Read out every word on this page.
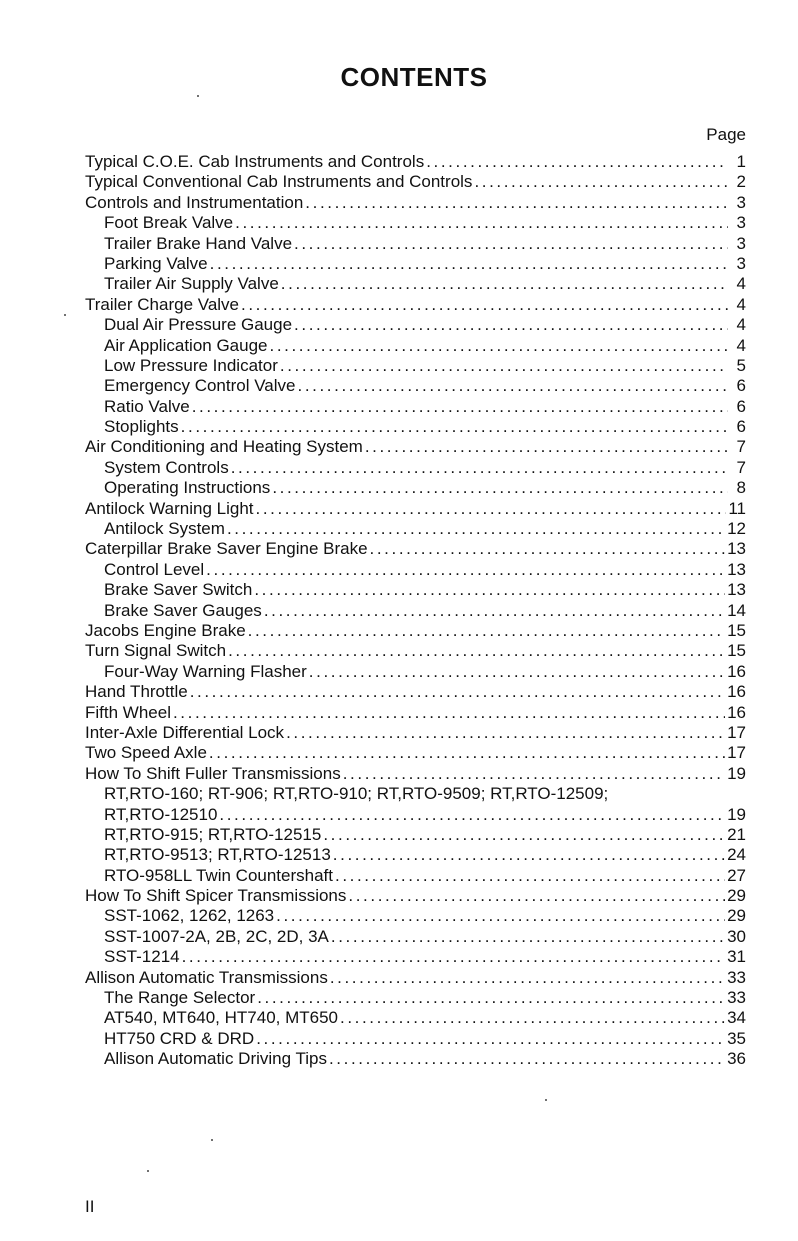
CONTENTS
Page
Typical C.O.E. Cab Instruments and Controls .....	1
Typical Conventional Cab Instruments and Controls .....	2
Controls and Instrumentation .....	3
Foot Break Valve .....	3
Trailer Brake Hand Valve .....	3
Parking Valve .....	3
Trailer Air Supply Valve .....	4
Trailer Charge Valve .....	4
Dual Air Pressure Gauge .....	4
Air Application Gauge .....	4
Low Pressure Indicator .....	5
Emergency Control Valve .....	6
Ratio Valve .....	6
Stoplights .....	6
Air Conditioning and Heating System .....	7
System Controls .....	7
Operating Instructions .....	8
Antilock Warning Light .....	11
Antilock System .....	12
Caterpillar Brake Saver Engine Brake .....	13
Control Level .....	13
Brake Saver Switch .....	13
Brake Saver Gauges .....	14
Jacobs Engine Brake .....	15
Turn Signal Switch .....	15
Four-Way Warning Flasher .....	16
Hand Throttle .....	16
Fifth Wheel .....	16
Inter-Axle Differential Lock .....	17
Two Speed Axle .....	17
How To Shift Fuller Transmissions .....	19
RT,RTO-160; RT-906; RT,RTO-910; RT,RTO-9509; RT,RTO-12509;
RT,RTO-12510 .....	19
RT,RTO-915; RT,RTO-12515 .....	21
RT,RTO-9513; RT,RTO-12513 .....	24
RTO-958LL Twin Countershaft .....	27
How To Shift Spicer Transmissions .....	29
SST-1062, 1262, 1263 .....	29
SST-1007-2A, 2B, 2C, 2D, 3A .....	30
SST-1214 .....	31
Allison Automatic Transmissions .....	33
The Range Selector .....	33
AT540, MT640, HT740, MT650 .....	34
HT750 CRD & DRD .....	35
Allison Automatic Driving Tips .....	36
II
